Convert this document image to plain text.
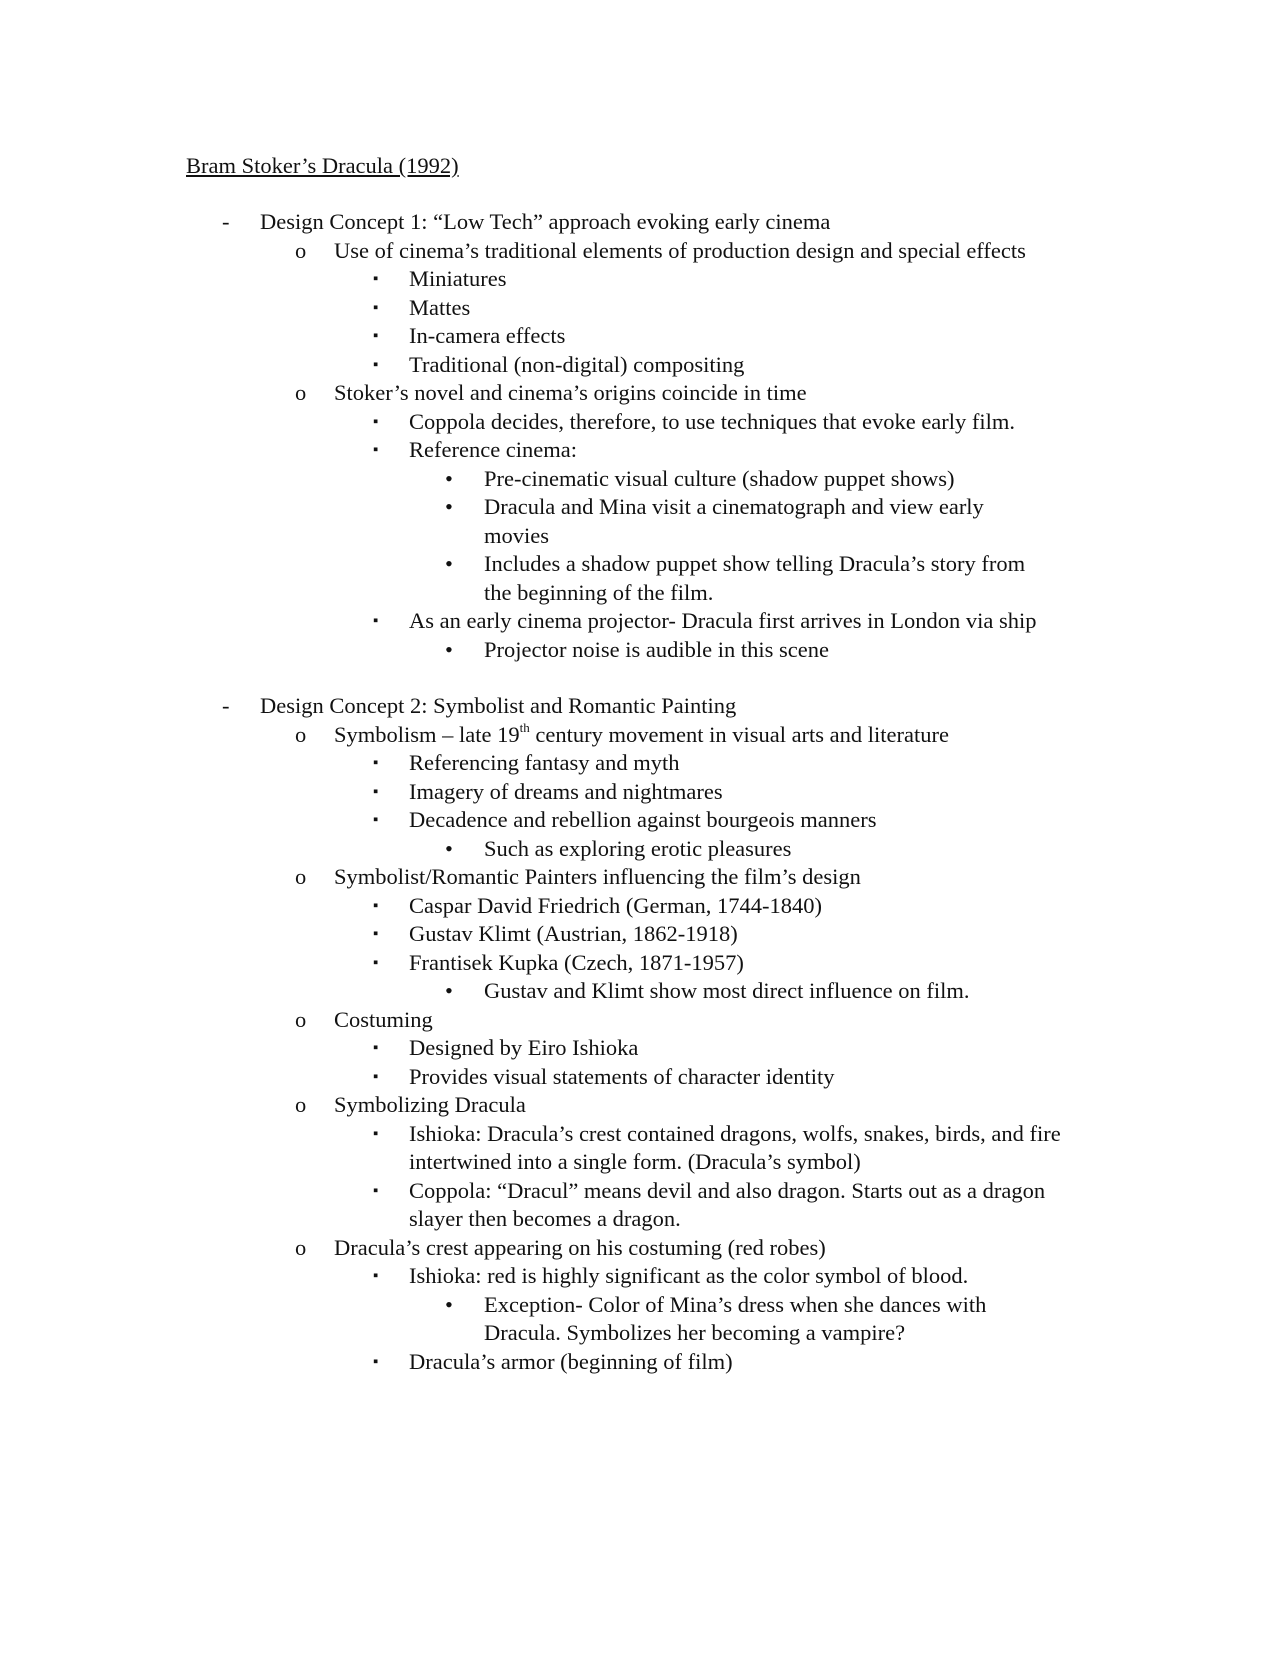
Bram Stoker’s Dracula (1992)
- Design Concept 1: “Low Tech” approach evoking early cinema
o Use of cinema’s traditional elements of production design and special effects
▪ Miniatures
▪ Mattes
▪ In-camera effects
▪ Traditional (non-digital) compositing
o Stoker’s novel and cinema’s origins coincide in time
▪ Coppola decides, therefore, to use techniques that evoke early film.
▪ Reference cinema:
• Pre-cinematic visual culture (shadow puppet shows)
• Dracula and Mina visit a cinematograph and view early movies
• Includes a shadow puppet show telling Dracula’s story from the beginning of the film.
▪ As an early cinema projector- Dracula first arrives in London via ship
• Projector noise is audible in this scene
- Design Concept 2: Symbolist and Romantic Painting
o Symbolism – late 19th century movement in visual arts and literature
▪ Referencing fantasy and myth
▪ Imagery of dreams and nightmares
▪ Decadence and rebellion against bourgeois manners
• Such as exploring erotic pleasures
o Symbolist/Romantic Painters influencing the film’s design
▪ Caspar David Friedrich (German, 1744-1840)
▪ Gustav Klimt (Austrian, 1862-1918)
▪ Frantisek Kupka (Czech, 1871-1957)
• Gustav and Klimt show most direct influence on film.
o Costuming
▪ Designed by Eiro Ishioka
▪ Provides visual statements of character identity
o Symbolizing Dracula
▪ Ishioka: Dracula’s crest contained dragons, wolfs, snakes, birds, and fire intertwined into a single form. (Dracula’s symbol)
▪ Coppola: “Dracul” means devil and also dragon. Starts out as a dragon slayer then becomes a dragon.
o Dracula’s crest appearing on his costuming (red robes)
▪ Ishioka: red is highly significant as the color symbol of blood.
• Exception- Color of Mina’s dress when she dances with Dracula. Symbolizes her becoming a vampire?
▪ Dracula’s armor (beginning of film)
